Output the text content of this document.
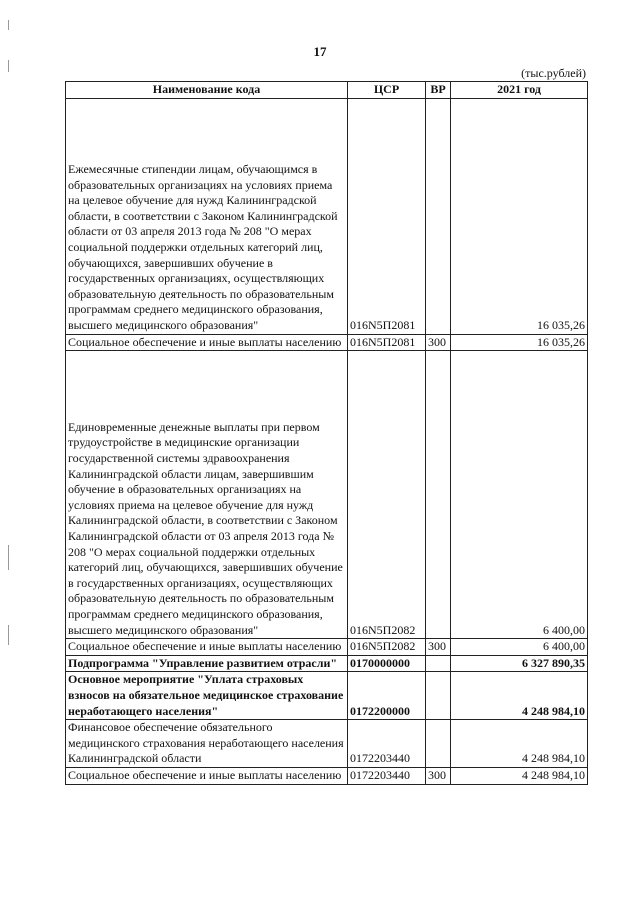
17
(тыс.рублей)
Наименование кода	ЦСР	ВР	2021 год
Ежемесячные стипендии лицам, обучающимся в образовательных организациях на условиях приема на целевое обучение для нужд Калининградской области, в соответствии с Законом Калининградской области от 03 апреля 2013 года № 208 "О мерах социальной поддержки отдельных категорий лиц, обучающихся, завершивших обучение в государственных организациях, осуществляющих образовательную деятельность по образовательным программам среднего медицинского образования, высшего медицинского образования"	016N5П2081		16 035,26
Социальное обеспечение и иные выплаты населению	016N5П2081	300	16 035,26
Единовременные денежные выплаты при первом трудоустройстве в медицинские организации государственной системы здравоохранения Калининградской области лицам, завершившим обучение в образовательных организациях на условиях приема на целевое обучение для нужд Калининградской области, в соответствии с Законом Калининградской области от 03 апреля 2013 года № 208 "О мерах социальной поддержки отдельных категорий лиц, обучающихся, завершивших обучение в государственных организациях, осуществляющих образовательную деятельность по образовательным программам среднего медицинского образования, высшего медицинского образования"	016N5П2082		6 400,00
Социальное обеспечение и иные выплаты населению	016N5П2082	300	6 400,00
Подпрограмма "Управление развитием отрасли"	0170000000		6 327 890,35
Основное мероприятие "Уплата страховых взносов на обязательное медицинское страхование неработающего населения"	0172200000		4 248 984,10
Финансовое обеспечение обязательного медицинского страхования неработающего населения Калининградской области	0172203440		4 248 984,10
Социальное обеспечение и иные выплаты населению	0172203440	300	4 248 984,10
